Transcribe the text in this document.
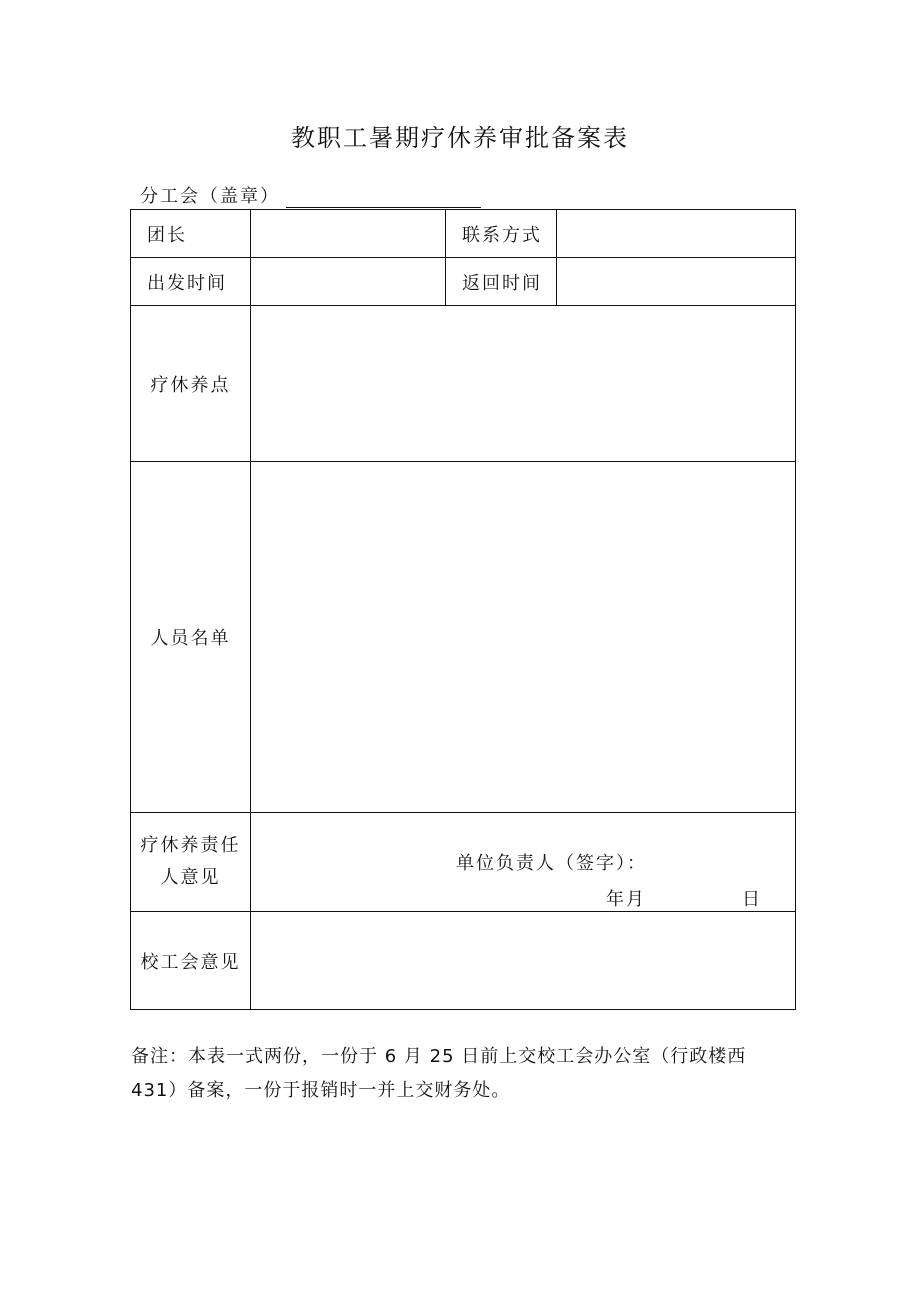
教职工暑期疗休养审批备案表
分工会（盖章）
团长		联系方式	
出发时间		返回时间	
疗休养点			
人员名单			
疗休养责任人意见	单位负责人（签字）：
年月 日		

校工会意见			
备注：本表一式两份，一份于 6 月 25 日前上交校工会办公室（行政楼西 431）备案，一份于报销时一并上交财务处。
